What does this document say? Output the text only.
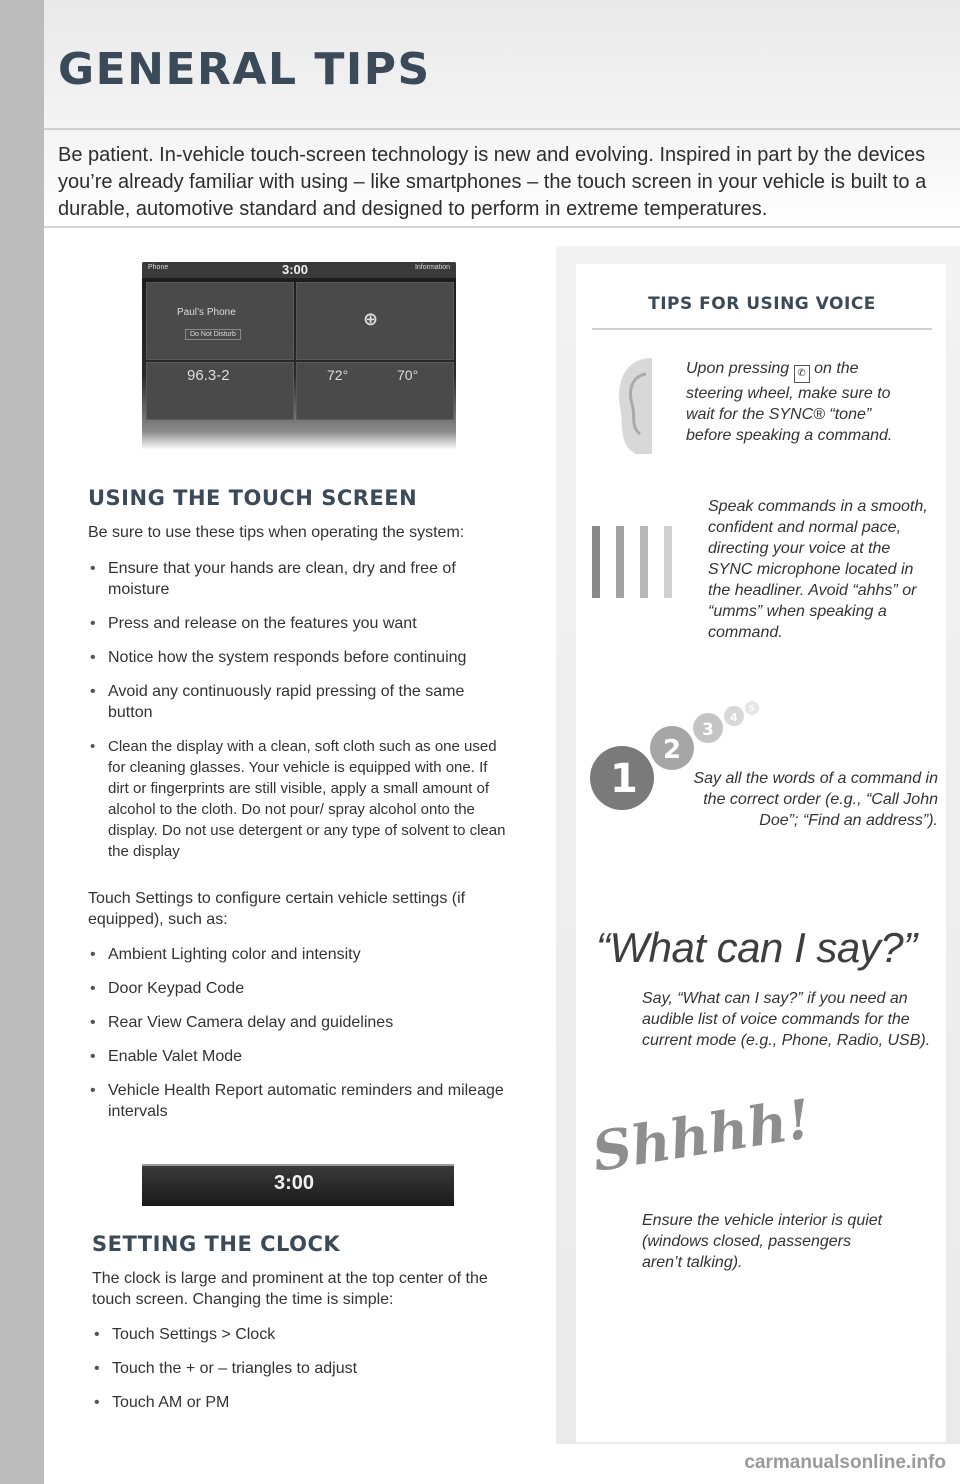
GENERAL TIPS

Be patient. In-vehicle touch-screen technology is new and evolving. Inspired in part by the devices you’re already familiar with using – like smartphones – the touch screen in your vehicle is built to a durable, automotive standard and designed to perform in extreme temperatures.

Phone	3:00	Information
Paul’s Phone
Do Not Disturb
⊕
96.3-2	72°	70°
USING THE TOUCH SCREEN
Be sure to use these tips when operating the system:
• Ensure that your hands are clean, dry and free of moisture
• Press and release on the features you want
• Notice how the system responds before continuing
• Avoid any continuously rapid pressing of the same button
• Clean the display with a clean, soft cloth such as one used for cleaning glasses. Your vehicle is equipped with one. If dirt or fingerprints are still visible, apply a small amount of alcohol to the cloth. Do not pour/ spray alcohol onto the display. Do not use detergent or any type of solvent to clean the display
Touch Settings to configure certain vehicle settings (if equipped), such as:
• Ambient Lighting color and intensity
• Door Keypad Code
• Rear View Camera delay and guidelines
• Enable Valet Mode
• Vehicle Health Report automatic reminders and mileage intervals
3:00
SETTING THE CLOCK
The clock is large and prominent at the top center of the touch screen. Changing the time is simple:
• Touch Settings > Clock
• Touch the + or – triangles to adjust
• Touch AM or PM
TIPS FOR USING VOICE
Upon pressing ✆ on the steering wheel, make sure to wait for the SYNC® “tone” before speaking a command.
Speak commands in a smooth, confident and normal pace, directing your voice at the SYNC microphone located in the headliner. Avoid “ahhs” or “umms” when speaking a command.
1
2
3
4
5
Say all the words of a command in the correct order (e.g., “Call John Doe”; “Find an address”).
“What can I say?”
Say, “What can I say?” if you need an audible list of voice commands for the current mode (e.g., Phone, Radio, USB).
Shhhh!
Ensure the vehicle interior is quiet (windows closed, passengers aren’t talking).
carmanualsonline.info
